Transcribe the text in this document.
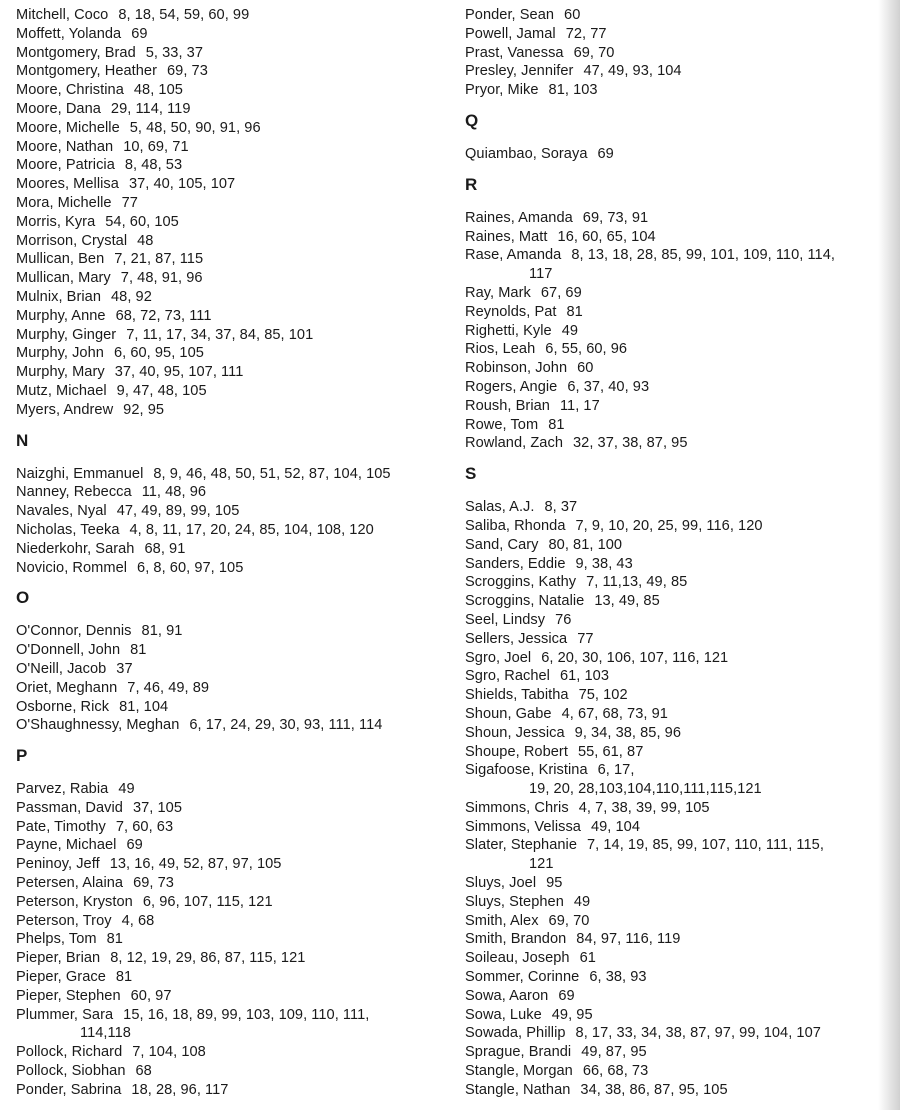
Mitchell, Coco 8, 18, 54, 59, 60, 99
Moffett, Yolanda 69
Montgomery, Brad 5, 33, 37
Montgomery, Heather 69, 73
Moore, Christina 48, 105
Moore, Dana 29, 114, 119
Moore, Michelle 5, 48, 50, 90, 91, 96
Moore, Nathan 10, 69, 71
Moore, Patricia 8, 48, 53
Moores, Mellisa 37, 40, 105, 107
Mora, Michelle 77
Morris, Kyra 54, 60, 105
Morrison, Crystal 48
Mullican, Ben 7, 21, 87, 115
Mullican, Mary 7, 48, 91, 96
Mulnix, Brian 48, 92
Murphy, Anne 68, 72, 73, 111
Murphy, Ginger 7, 11, 17, 34, 37, 84, 85, 101
Murphy, John 6, 60, 95, 105
Murphy, Mary 37, 40, 95, 107, 111
Mutz, Michael 9, 47, 48, 105
Myers, Andrew 92, 95
N
Naizghi, Emmanuel 8, 9, 46, 48, 50, 51, 52, 87, 104, 105
Nanney, Rebecca 11, 48, 96
Navales, Nyal 47, 49, 89, 99, 105
Nicholas, Teeka 4, 8, 11, 17, 20, 24, 85, 104, 108, 120
Niederkohr, Sarah 68, 91
Novicio, Rommel 6, 8, 60, 97, 105
O
O'Connor, Dennis 81, 91
O'Donnell, John 81
O'Neill, Jacob 37
Oriet, Meghann 7, 46, 49, 89
Osborne, Rick 81, 104
O'Shaughnessy, Meghan 6, 17, 24, 29, 30, 93, 111, 114
P
Parvez, Rabia 49
Passman, David 37, 105
Pate, Timothy 7, 60, 63
Payne, Michael 69
Peninoy, Jeff 13, 16, 49, 52, 87, 97, 105
Petersen, Alaina 69, 73
Peterson, Kryston 6, 96, 107, 115, 121
Peterson, Troy 4, 68
Phelps, Tom 81
Pieper, Brian 8, 12, 19, 29, 86, 87, 115, 121
Pieper, Grace 81
Pieper, Stephen 60, 97
Plummer, Sara 15, 16, 18, 89, 99, 103, 109, 110, 111,
114,118
Pollock, Richard 7, 104, 108
Pollock, Siobhan 68
Ponder, Sabrina 18, 28, 96, 117
Ponder, Sean 60
Powell, Jamal 72, 77
Prast, Vanessa 69, 70
Presley, Jennifer 47, 49, 93, 104
Pryor, Mike 81, 103
Q
Quiambao, Soraya 69
R
Raines, Amanda 69, 73, 91
Raines, Matt 16, 60, 65, 104
Rase, Amanda 8, 13, 18, 28, 85, 99, 101, 109, 110, 114,
117
Ray, Mark 67, 69
Reynolds, Pat 81
Righetti, Kyle 49
Rios, Leah 6, 55, 60, 96
Robinson, John 60
Rogers, Angie 6, 37, 40, 93
Roush, Brian 11, 17
Rowe, Tom 81
Rowland, Zach 32, 37, 38, 87, 95
S
Salas, A.J. 8, 37
Saliba, Rhonda 7, 9, 10, 20, 25, 99, 116, 120
Sand, Cary 80, 81, 100
Sanders, Eddie 9, 38, 43
Scroggins, Kathy 7, 11,13, 49, 85
Scroggins, Natalie 13, 49, 85
Seel, Lindsy 76
Sellers, Jessica 77
Sgro, Joel 6, 20, 30, 106, 107, 116, 121
Sgro, Rachel 61, 103
Shields, Tabitha 75, 102
Shoun, Gabe 4, 67, 68, 73, 91
Shoun, Jessica 9, 34, 38, 85, 96
Shoupe, Robert 55, 61, 87
Sigafoose, Kristina 6, 17,
19, 20, 28,103,104,110,111,115,121
Simmons, Chris 4, 7, 38, 39, 99, 105
Simmons, Velissa 49, 104
Slater, Stephanie 7, 14, 19, 85, 99, 107, 110, 111, 115,
121
Sluys, Joel 95
Sluys, Stephen 49
Smith, Alex 69, 70
Smith, Brandon 84, 97, 116, 119
Soileau, Joseph 61
Sommer, Corinne 6, 38, 93
Sowa, Aaron 69
Sowa, Luke 49, 95
Sowada, Phillip 8, 17, 33, 34, 38, 87, 97, 99, 104, 107
Sprague, Brandi 49, 87, 95
Stangle, Morgan 66, 68, 73
Stangle, Nathan 34, 38, 86, 87, 95, 105
